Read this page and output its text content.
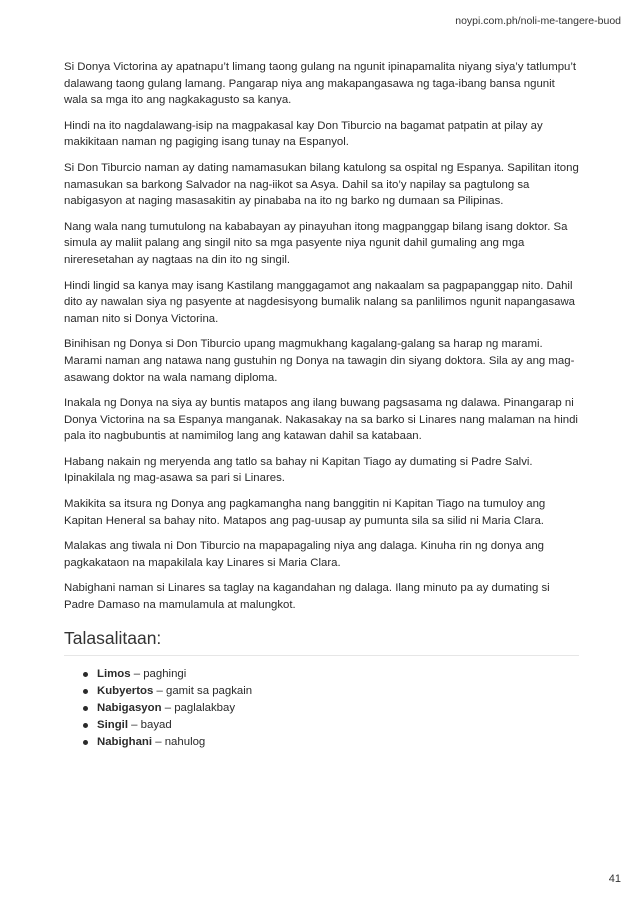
noypi.com.ph/noli-me-tangere-buod

Si Donya Victorina ay apatnapu’t limang taong gulang na ngunit ipinapamalita niyang siya’y tatlumpu’t dalawang taong gulang lamang. Pangarap niya ang makapangasawa ng taga-ibang bansa ngunit wala sa mga ito ang nagkakagusto sa kanya.

Hindi na ito nagdalawang-isip na magpakasal kay Don Tiburcio na bagamat patpatin at pilay ay makikitaan naman ng pagiging isang tunay na Espanyol.

Si Don Tiburcio naman ay dating namamasukan bilang katulong sa ospital ng Espanya. Sapilitan itong namasukan sa barkong Salvador na nag-iikot sa Asya. Dahil sa ito’y napilay sa pagtulong sa nabigasyon at naging masasakitin ay pinababa na ito ng barko ng dumaan sa Pilipinas.

Nang wala nang tumutulong na kababayan ay pinayuhan itong magpanggap bilang isang doktor. Sa simula ay maliit palang ang singil nito sa mga pasyente niya ngunit dahil gumaling ang mga nireresetahan ay nagtaas na din ito ng singil.

Hindi lingid sa kanya may isang Kastilang manggagamot ang nakaalam sa pagpapanggap nito. Dahil dito ay nawalan siya ng pasyente at nagdesisyong bumalik nalang sa panlilimos ngunit napangasawa naman nito si Donya Victorina.

Binihisan ng Donya si Don Tiburcio upang magmukhang kagalang-galang sa harap ng marami. Marami naman ang natawa nang gustuhin ng Donya na tawagin din siyang doktora. Sila ay ang mag-asawang doktor na wala namang diploma.

Inakala ng Donya na siya ay buntis matapos ang ilang buwang pagsasama ng dalawa. Pinangarap ni Donya Victorina na sa Espanya manganak. Nakasakay na sa barko si Linares nang malaman na hindi pala ito nagbubuntis at namimilog lang ang katawan dahil sa katabaan.

Habang nakain ng meryenda ang tatlo sa bahay ni Kapitan Tiago ay dumating si Padre Salvi. Ipinakilala ng mag-asawa sa pari si Linares.

Makikita sa itsura ng Donya ang pagkamangha nang banggitin ni Kapitan Tiago na tumuloy ang Kapitan Heneral sa bahay nito. Matapos ang pag-uusap ay pumunta sila sa silid ni Maria Clara.

Malakas ang tiwala ni Don Tiburcio na mapapagaling niya ang dalaga. Kinuha rin ng donya ang pagkakataon na mapakilala kay Linares si Maria Clara.

Nabighani naman si Linares sa taglay na kagandahan ng dalaga. Ilang minuto pa ay dumating si Padre Damaso na mamulamula at malungkot.

Talasalitaan:
Limos – paghingi
Kubyertos – gamit sa pagkain
Nabigasyon – paglalakbay
Singil – bayad
Nabighani – nahulog
41
